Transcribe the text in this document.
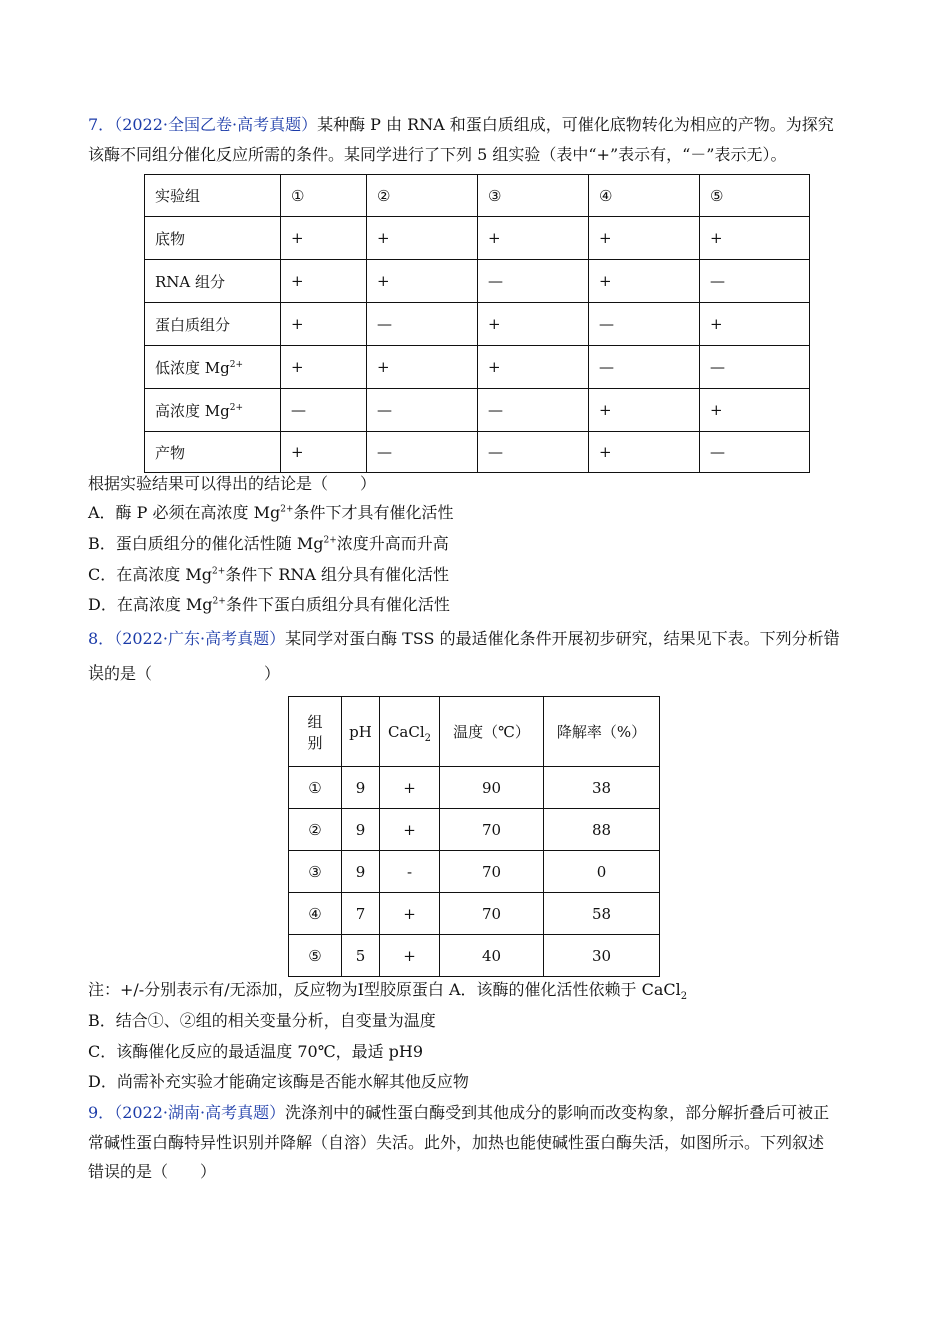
7．（2022·全国乙卷·高考真题）某种酶 P 由 RNA 和蛋白质组成，可催化底物转化为相应的产物。为探究
该酶不同组分催化反应所需的条件。某同学进行了下列 5 组实验（表中“+”表示有，“－”表示无）。
实验组	①	②	③	④	⑤
底物	+	+	+	+	+
RNA 组分	+	+	—	+	—
蛋白质组分	+	—	+	—	+
低浓度 $Mg^{2+}$	+	+	+	—	—
高浓度 $Mg^{2+}$	—	—	—	+	+
产物	+	—	—	+	—
根据实验结果可以得出的结论是（　　）
A．酶 P 必须在高浓度 $Mg^{2+}$条件下才具有催化活性
B．蛋白质组分的催化活性随 $Mg^{2+}$浓度升高而升高
C．在高浓度 $Mg^{2+}$条件下 RNA 组分具有催化活性
D．在高浓度 $Mg^{2+}$条件下蛋白质组分具有催化活性
8．（2022·广东·高考真题）某同学对蛋白酶 TSS 的最适催化条件开展初步研究，结果见下表。下列分析错
误的是（　　　　　　　）
组
别	pH	CaCl$_2$	温度（℃）	降解率（%）
①	9	+	90	38
②	9	+	70	88
③	9	-	70	0
④	7	+	70	58
⑤	5	+	40	30
注：+/-分别表示有/无添加，反应物为Ⅰ型胶原蛋白 A．该酶的催化活性依赖于 CaCl$_2$
B．结合①、②组的相关变量分析，自变量为温度
C．该酶催化反应的最适温度 70℃，最适 pH9
D．尚需补充实验才能确定该酶是否能水解其他反应物
9．（2022·湖南·高考真题）洗涤剂中的碱性蛋白酶受到其他成分的影响而改变构象，部分解折叠后可被正
常碱性蛋白酶特异性识别并降解（自溶）失活。此外，加热也能使碱性蛋白酶失活，如图所示。下列叙述
错误的是（　　）
